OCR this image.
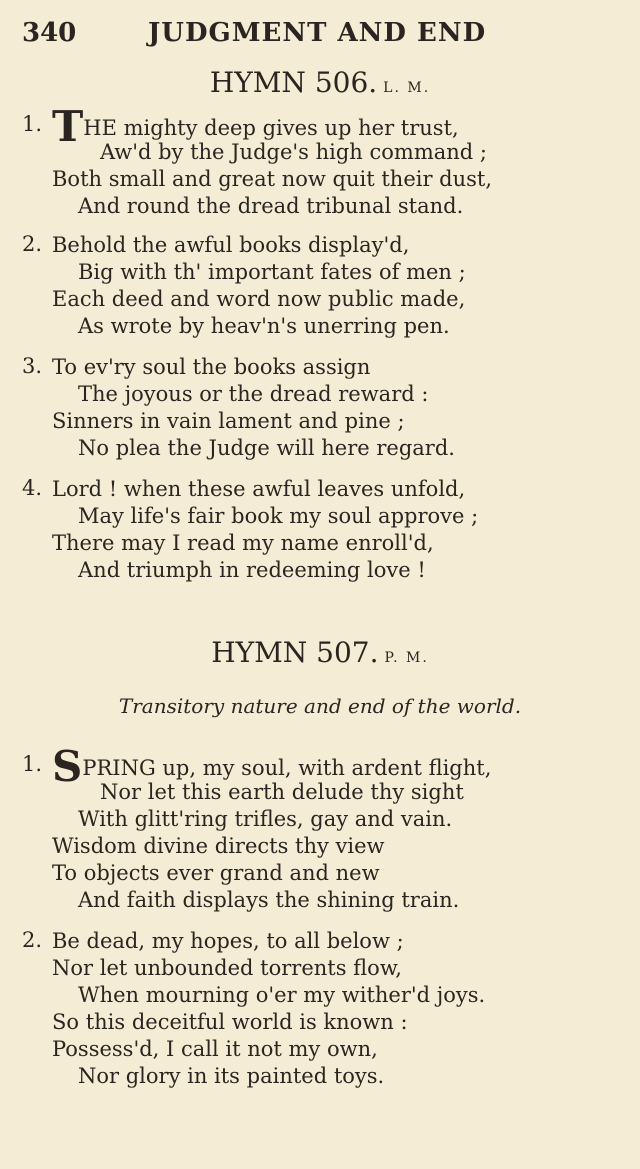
340	JUDGMENT AND END
HYMN 506. L. M.
1. THE mighty deep gives up her trust,
Aw'd by the Judge's high command ;
Both small and great now quit their dust,
And round the dread tribunal stand.
2. Behold the awful books display'd,
Big with th' important fates of men ;
Each deed and word now public made,
As wrote by heav'n's unerring pen.
3. To ev'ry soul the books assign
The joyous or the dread reward :
Sinners in vain lament and pine ;
No plea the Judge will here regard.
4. Lord ! when these awful leaves unfold,
May life's fair book my soul approve ;
There may I read my name enroll'd,
And triumph in redeeming love !
HYMN 507. P. M.
Transitory nature and end of the world.
1. SPRING up, my soul, with ardent flight,
Nor let this earth delude thy sight
With glitt'ring trifles, gay and vain.
Wisdom divine directs thy view
To objects ever grand and new
And faith displays the shining train.
2. Be dead, my hopes, to all below ;
Nor let unbounded torrents flow,
When mourning o'er my wither'd joys.
So this deceitful world is known :
Possess'd, I call it not my own,
Nor glory in its painted toys.
